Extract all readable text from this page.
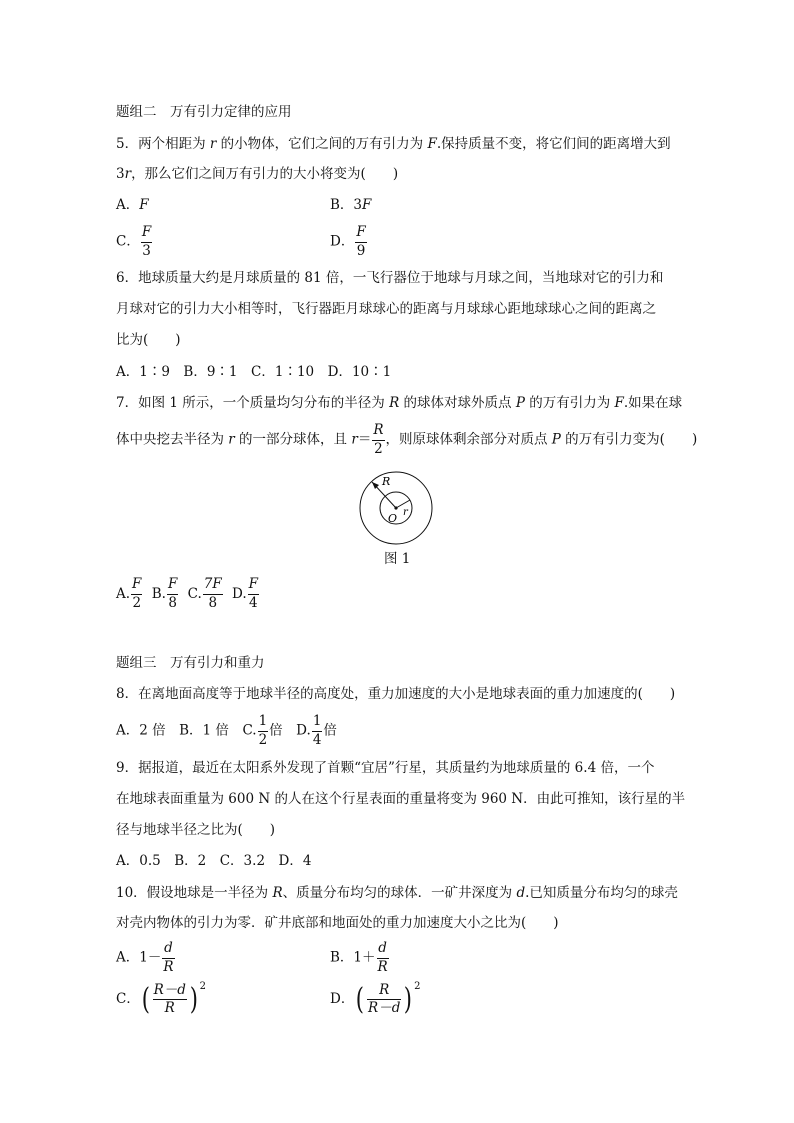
题组二　万有引力定律的应用
5．两个相距为 r 的小物体，它们之间的万有引力为 F.保持质量不变，将它们间的距离增大到
3r，那么它们之间万有引力的大小将变为(　　)
A．F	B．3F
C． $\frac{F}{3}$	D． $\frac{F}{9}$
6．地球质量大约是月球质量的 81 倍，一飞行器位于地球与月球之间，当地球对它的引力和
月球对它的引力大小相等时，飞行器距月球球心的距离与月球球心距地球球心之间的距离之
比为(　　)
A．1∶9　B．9∶1　C．1∶10　D．10∶1
7．如图 1 所示，一个质量均匀分布的半径为 R 的球体对球外质点 P 的万有引力为 F.如果在球
体中央挖去半径为 r 的一部分球体，且 $r= \frac{R}{2}$ ，则原球体剩余部分对质点 P 的万有引力变为(　　)
R
O r
图 1
A. $\frac{F}{2} B$. $\frac{F}{8} C$. $\frac{7F}{8} D$. $\frac{F}{4}$
题组三　万有引力和重力
8．在离地面高度等于地球半径的高度处，重力加速度的大小是地球表面的重力加速度的(　　)
A．2 倍　B．1 倍　C. $\frac{1}{2}$ 倍　D. $\frac{1}{4}$ 倍
9．据报道，最近在太阳系外发现了首颗“宜居”行星，其质量约为地球质量的 6.4 倍，一个
在地球表面重量为 600 N 的人在这个行星表面的重量将变为 960 N．由此可推知，该行星的半
径与地球半径之比为(　　)
A．0.5　B．2　C．3.2　D．4
10．假设地球是一半径为 R、质量分布均匀的球体．一矿井深度为 d.已知质量分布均匀的球壳
对壳内物体的引力为零．矿井底部和地面处的重力加速度大小之比为(　　)
A．$1- \frac{d}{R}$	B．$1+ \frac{d}{R}$
C．( $\frac{R-d}{R}$ ) $^2$
D．( $\frac{R}{R-d}$ ) $^2$
